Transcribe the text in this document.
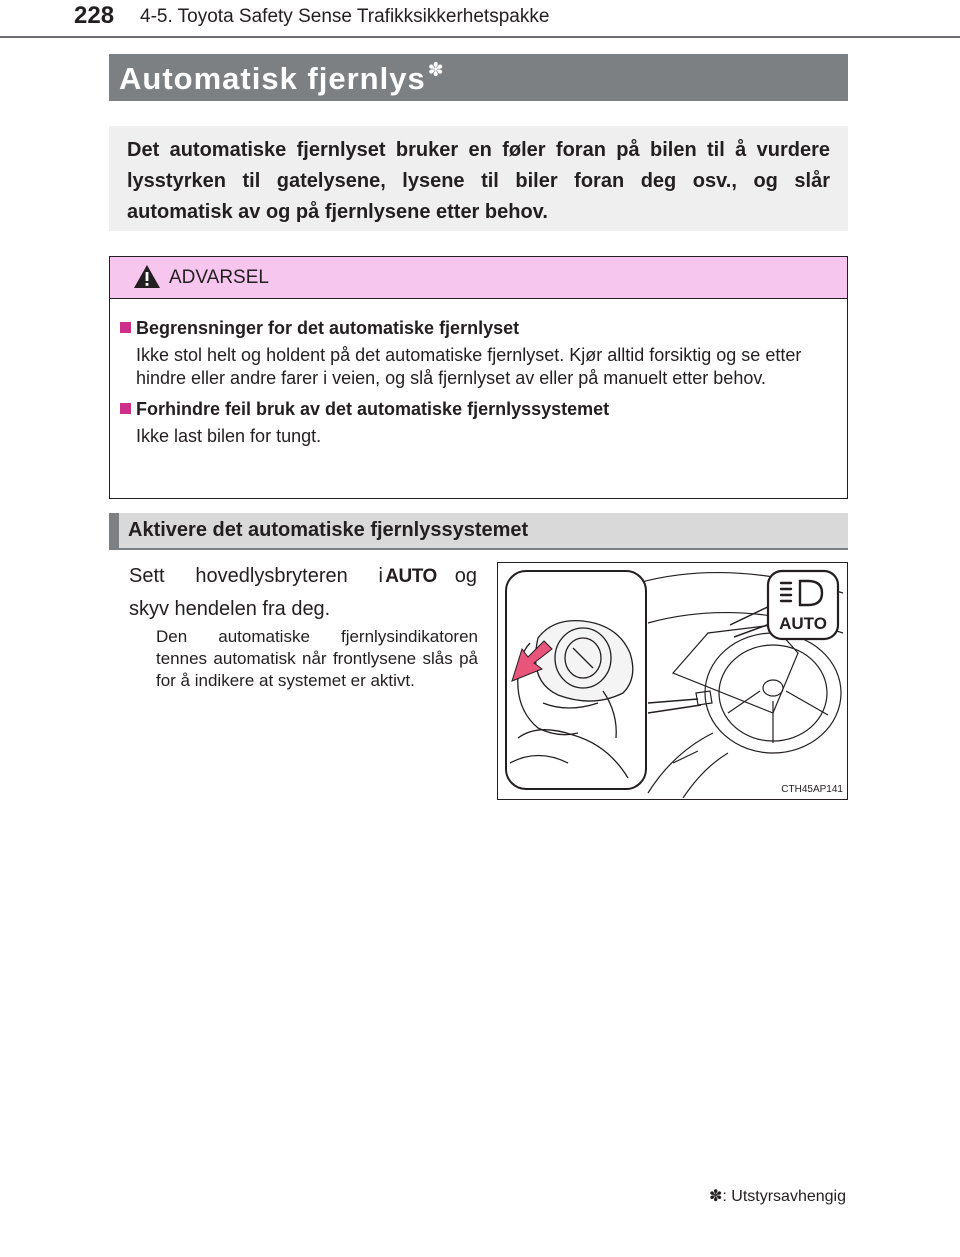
228 4-5. Toyota Safety Sense Trafikksikkerhetspakke
Automatisk fjernlys ✽
Det automatiske fjernlyset bruker en føler foran på bilen til å vurdere lysstyrken til gatelysene, lysene til biler foran deg osv., og slår automatisk av og på fjernlysene etter behov.
ADVARSEL
Begrensninger for det automatiske fjernlyset
Ikke stol helt og holdent på det automatiske fjernlyset. Kjør alltid forsiktig og se etter hindre eller andre farer i veien, og slå fjernlyset av eller på manuelt etter behov.
Forhindre feil bruk av det automatiske fjernlyssystemet
Ikke last bilen for tungt.
Aktivere det automatiske fjernlyssystemet
Sett hovedlysbryteren i AUTO og
skyv hendelen fra deg.
Den automatiske fjernlysindikatoren tennes automatisk når frontlysene slås på for å indikere at systemet er aktivt.
AUTO
CTH45AP141
✽: Utstyrsavhengig
